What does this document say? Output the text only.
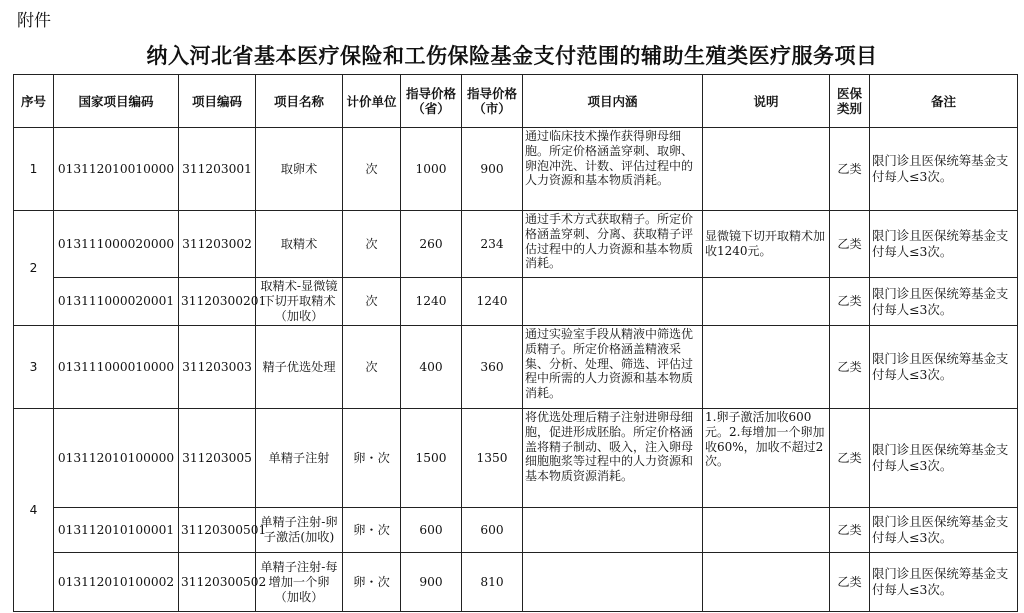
附件
纳入河北省基本医疗保险和工伤保险基金支付范围的辅助生殖类医疗服务项目
序号	国家项目编码	项目编码	项目名称	计价单位	指导价格（省）	指导价格（市）	项目内涵	说明	医保类别	备注
1	013112010010000	311203001	取卵术	次	1000	900	通过临床技术操作获得卵母细胞。所定价格涵盖穿刺、取卵、卵泡冲洗、计数、评估过程中的人力资源和基本物质消耗。		乙类	限门诊且医保统筹基金支付每人≤3次。
2	013111000020000	311203002	取精术	次	260	234	通过手术方式获取精子。所定价格涵盖穿刺、分离、获取精子评估过程中的人力资源和基本物质消耗。	显微镜下切开取精术加收1240元。	乙类	限门诊且医保统筹基金支付每人≤3次。
	013111000020001	31120300201	取精术-显微镜下切开取精术（加收）	次	1240	1240			乙类	限门诊且医保统筹基金支付每人≤3次。
3	013111000010000	311203003	精子优选处理	次	400	360	通过实验室手段从精液中筛选优质精子。所定价格涵盖精液采集、分析、处理、筛选、评估过程中所需的人力资源和基本物质消耗。		乙类	限门诊且医保统筹基金支付每人≤3次。
4	013112010100000	311203005	单精子注射	卵・次	1500	1350	将优选处理后精子注射进卵母细胞，促进形成胚胎。所定价格涵盖将精子制动、吸入，注入卵母细胞胞浆等过程中的人力资源和基本物质资源消耗。	1.卵子激活加收600元。2.每增加一个卵加收60%，加收不超过2次。	乙类	限门诊且医保统筹基金支付每人≤3次。
	013112010100001	31120300501	单精子注射-卵子激活(加收)	卵・次	600	600			乙类	限门诊且医保统筹基金支付每人≤3次。
	013112010100002	31120300502	单精子注射-每增加一个卵（加收）	卵・次	900	810			乙类	限门诊且医保统筹基金支付每人≤3次。
